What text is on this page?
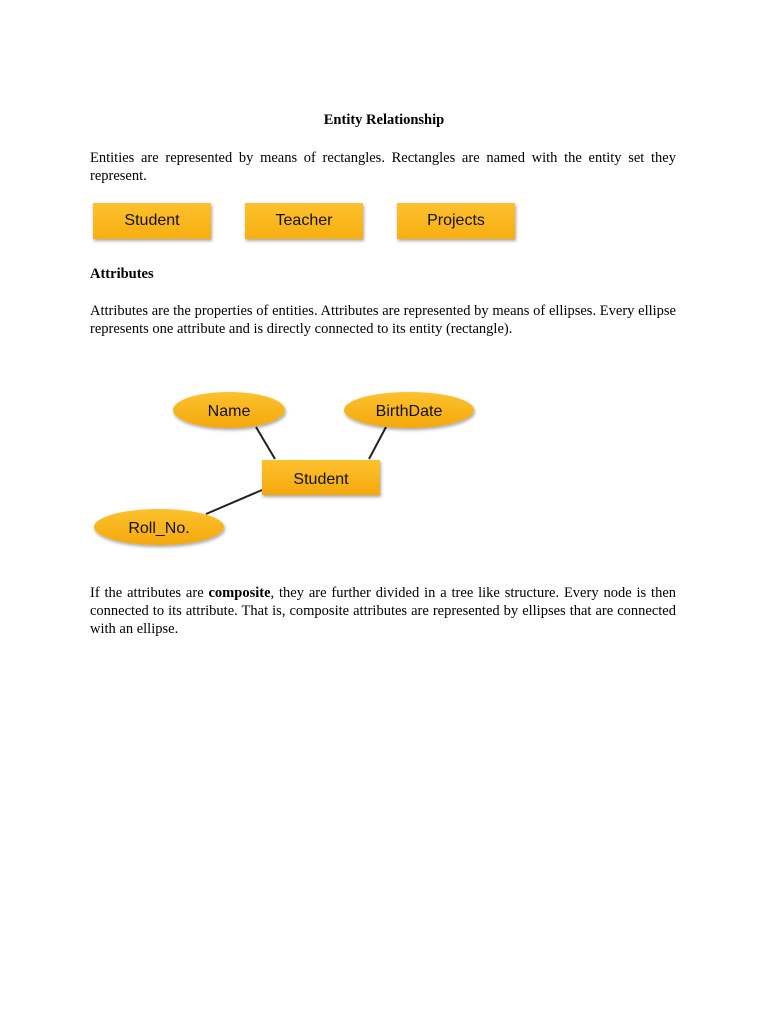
Entity Relationship
Entities are represented by means of rectangles. Rectangles are named with the entity set they represent.
Student	Teacher	Projects
Attributes
Attributes are the properties of entities. Attributes are represented by means of ellipses. Every ellipse represents one attribute and is directly connected to its entity (rectangle).
Student
Name	BirthDate
Roll_No.
If the attributes are composite, they are further divided in a tree like structure. Every node is then connected to its attribute. That is, composite attributes are represented by ellipses that are connected with an ellipse.
